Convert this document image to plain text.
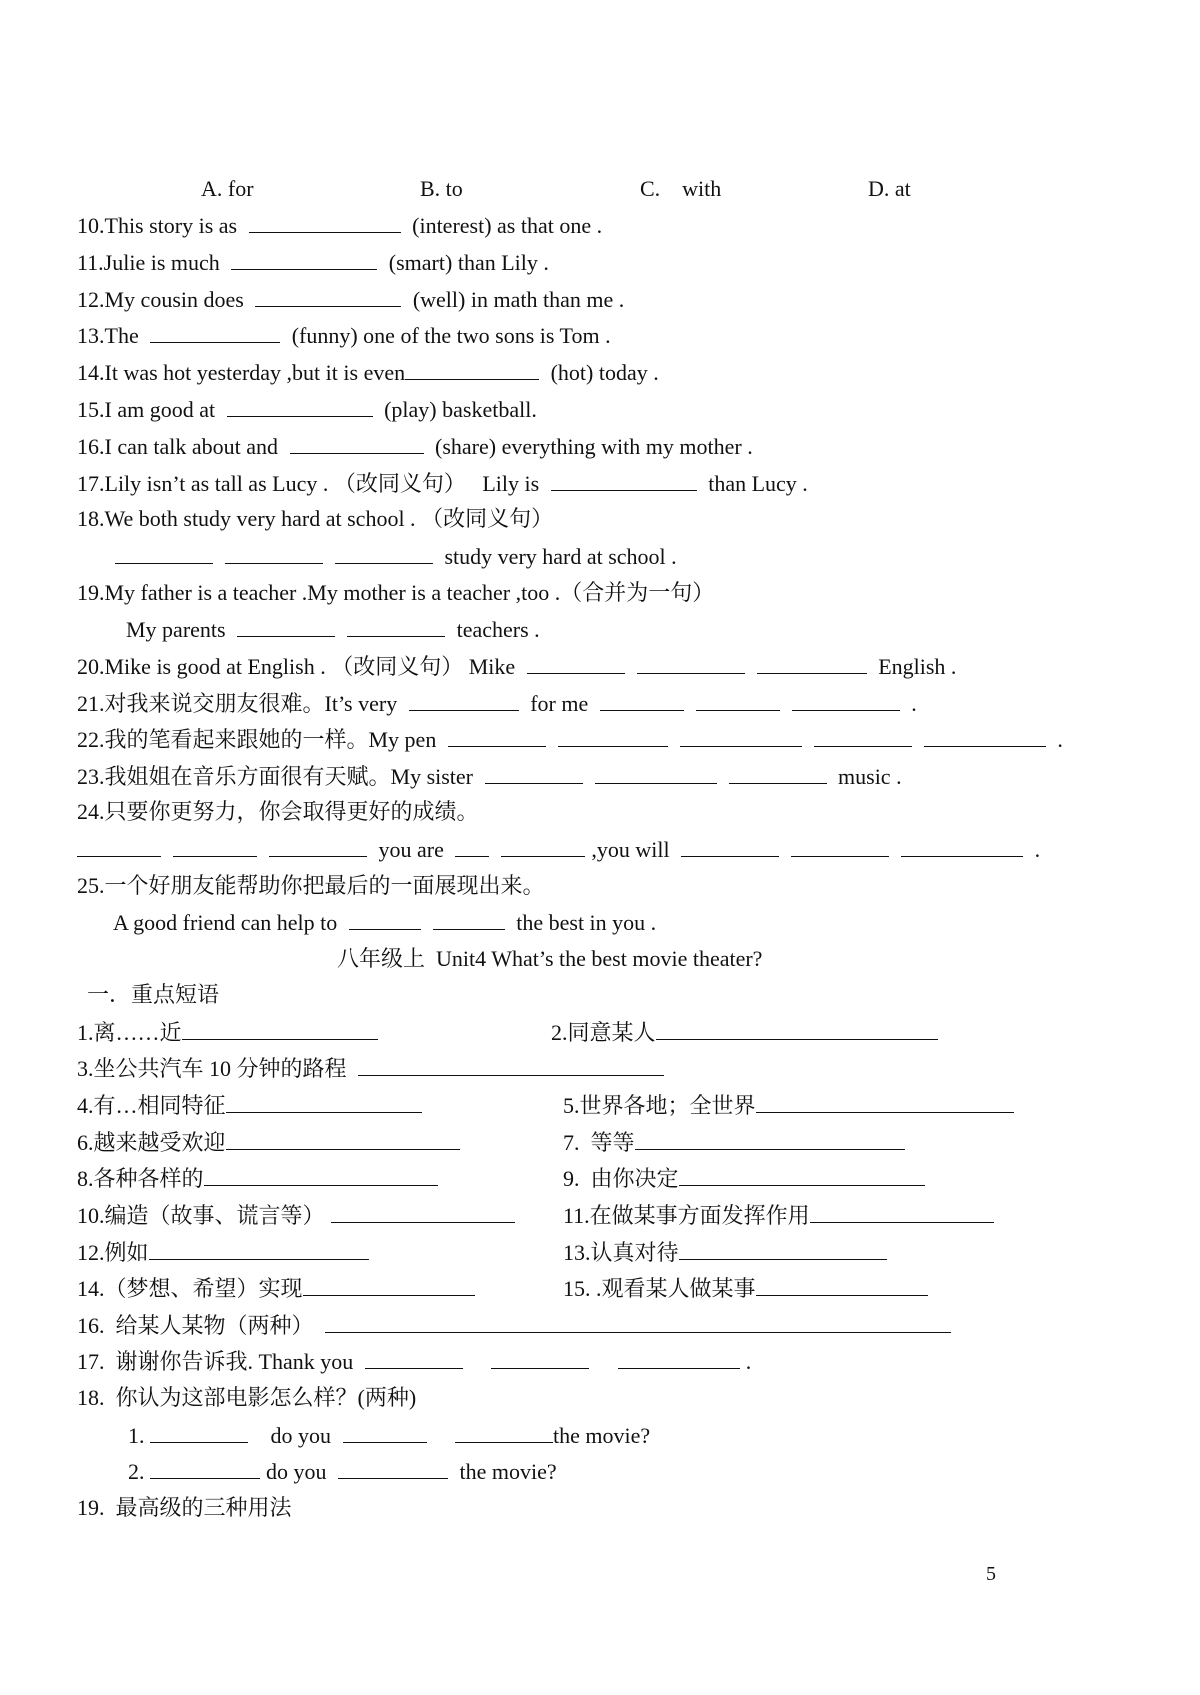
A. for	B. to	C.    with	D. at
10.This story is as	(interest) as that one .
11.Julie is much	(smart) than Lily .
12.My cousin does	(well) in math than me .
13.The	(funny) one of the two sons is Tom .
14.It was hot yesterday ,but it is even	(hot) today .
15.I am good at	(play) basketball.
16.I can talk about and	(share) everything with my mother .
17.Lily isn’t as tall as Lucy . （改同义句） Lily is	than Lucy .
18.We both study very hard at school . （改同义句）
study very hard at school .
19.My father is a teacher .My mother is a teacher ,too .（合并为一句）
My parents	teachers .
20.Mike is good at English . （改同义句） Mike	English .
21.对我来说交朋友很难。It’s very	for me	.
22.我的笔看起来跟她的一样。My pen	.
23.我姐姐在音乐方面很有天赋。My sister	music .
24.只要你更努力，你会取得更好的成绩。
you are	,you will	.
25.一个好朋友能帮助你把最后的一面展现出来。
A good friend can help to	the best in you .
八年级上  Unit4 What’s the best movie theater?
一．重点短语
1.离……近	2.同意某人
3.坐公共汽车 10 分钟的路程
4.有…相同特征	5.世界各地；全世界
6.越来越受欢迎	7.  等等
8.各种各样的	9.  由你决定
10.编造（故事、谎言等）	11.在做某事方面发挥作用
12.例如	13.认真对待
14.（梦想、希望）实现	15. .观看某人做某事
16.  给某人某物（两种）
17.  谢谢你告诉我. Thank you	.
18.  你认为这部电影怎么样？(两种)
1.	do you	the movie?
2.	do you	the movie?
19.  最高级的三种用法
5
